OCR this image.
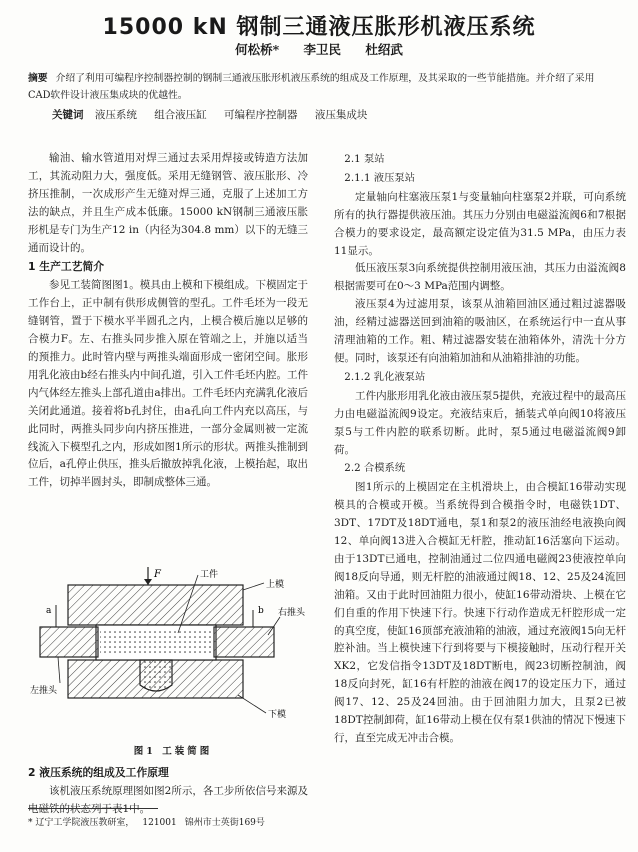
15000 kN 钢制三通液压胀形机液压系统
何松桥* 李卫民 杜绍武
摘要 介绍了利用可编程序控制器控制的钢制三通液压胀形机液压系统的组成及工作原理，及其采取的一些节能措施。并介绍了采用CAD软件设计液压集成块的优越性。
关键词 液压系统 组合液压缸 可编程序控制器 液压集成块

输油、输水管道用对焊三通过去采用焊接或铸造方法加工，其流动阻力大，强度低。采用无缝钢管、液压胀形、冷挤压推制，一次成形产生无缝对焊三通，克服了上述加工方法的缺点，并且生产成本低廉。15000 kN钢制三通液压胀形机是专门为生产12 in（内径为304.8 mm）以下的无缝三通而设计的。

1 生产工艺简介

参见工装简图图1。模具由上模和下模组成。下模固定于工作台上，正中制有供形成侧管的型孔。工件毛坯为一段无缝钢管，置于下模水平半圆孔之内，上模合模后施以足够的合模力F。左、右推头同步推入原在管端之上，并施以适当的预推力。此时管内壁与两推头端面形成一密闭空间。胀形用乳化液由b经右推头内中间孔道，引入工件毛坯内腔。工件内气体经左推头上部孔道由a排出。工件毛坯内充满乳化液后关闭此通道。接着将b孔封住，由a孔向工件内充以高压，与此同时，两推头同步向内挤压推进，一部分金属则被一定流线流入下模型孔之内，形成如图1所示的形状。两推头推制到位后，a孔停止供压，推头后撤放掉乳化液，上模抬起，取出工件，切掉半圆封头，即制成整体三通。

F	工件
上模
右推头
左推头
下模
a	b
图1 工装简图
2 液压系统的组成及工作原理

该机液压系统原理图如图2所示，各工步所依信号来源及电磁铁的状态列于表1中。

* 辽宁工学院液压教研室， 121001 锦州市士英街169号
2.1 泵站
2.1.1 液压泵站

定量轴向柱塞液压泵1与变量轴向柱塞泵2并联，可向系统所有的执行器提供液压油。其压力分别由电磁溢流阀6和7根据合模力的要求设定，最高额定设定值为31.5 MPa，由压力表11显示。

低压液压泵3向系统提供控制用液压油，其压力由溢流阀8根据需要可在0～3 MPa范围内调整。

液压泵4为过滤用泵，该泵从油箱回油区通过粗过滤器吸油，经精过滤器送回到油箱的吸油区，在系统运行中一直从事清理油箱的工作。粗、精过滤器安装在油箱体外，清洗十分方便。同时，该泵还有向油箱加油和从油箱排油的功能。

2.1.2 乳化液泵站

工件内胀形用乳化液由液压泵5提供，充液过程中的最高压力由电磁溢流阀9设定。充液结束后，插装式单向阀10将液压泵5与工件内腔的联系切断。此时，泵5通过电磁溢流阀9卸荷。

2.2 合模系统

图1所示的上模固定在主机滑块上，由合模缸16带动实现模具的合模或开模。当系统得到合模指令时，电磁铁1DT、3DT、17DT及18DT通电，泵1和泵2的液压油经电液换向阀12、单向阀13进入合模缸无杆腔，推动缸16活塞向下运动。由于13DT已通电，控制油通过二位四通电磁阀23使液控单向阀18反向导通，则无杆腔的油液通过阀18、12、25及24流回油箱。又由于此时回油阻力很小，使缸16带动滑块、上模在它们自重的作用下快速下行。快速下行动作造成无杆腔形成一定的真空度，使缸16顶部充液油箱的油液，通过充液阀15向无杆腔补油。当上模快速下行到将要与下模接触时，压动行程开关XK2，它发信指令13DT及18DT断电，阀23切断控制油，阀18反向封死，缸16有杆腔的油液在阀17的设定压力下，通过阀17、12、25及24回油。由于回油阻力加大，且泵2已被18DT控制卸荷，缸16带动上模在仅有泵1供油的情况下慢速下行，直至完成无冲击合模。
